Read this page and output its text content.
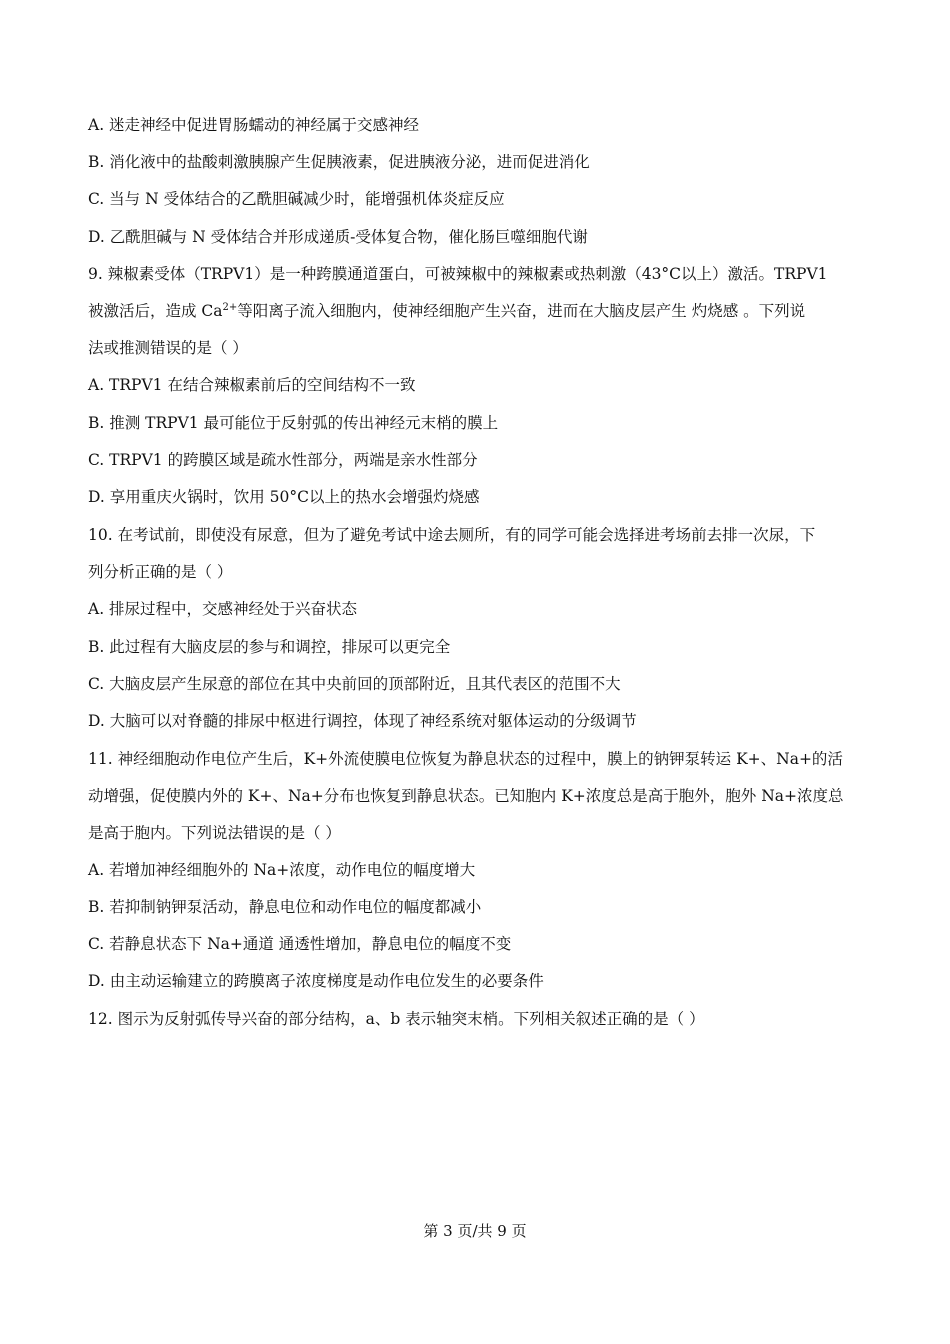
A. 迷走神经中促进胃肠蠕动的神经属于交感神经
B. 消化液中的盐酸刺激胰腺产生促胰液素，促进胰液分泌，进而促进消化
C. 当与 N 受体结合的乙酰胆碱减少时，能增强机体炎症反应
D. 乙酰胆碱与 N 受体结合并形成递质-受体复合物，催化肠巨噬细胞代谢
9. 辣椒素受体（TRPV1）是一种跨膜通道蛋白，可被辣椒中的辣椒素或热刺激（43°C以上）激活。TRPV1
被激活后，造成 $Ca^{2+}$等阳离子流入细胞内，使神经细胞产生兴奋，进而在大脑皮层产生 灼烧感 。下列说
法或推测错误的是（ ）
A. TRPV1 在结合辣椒素前后的空间结构不一致
B. 推测 TRPV1 最可能位于反射弧的传出神经元末梢的膜上
C. TRPV1 的跨膜区域是疏水性部分，两端是亲水性部分
D. 享用重庆火锅时，饮用 50°C以上的热水会增强灼烧感
10. 在考试前，即使没有尿意，但为了避免考试中途去厕所，有的同学可能会选择进考场前去排一次尿，下
列分析正确的是（ ）
A. 排尿过程中，交感神经处于兴奋状态
B. 此过程有大脑皮层的参与和调控，排尿可以更完全
C. 大脑皮层产生尿意的部位在其中央前回的顶部附近，且其代表区的范围不大
D. 大脑可以对脊髓的排尿中枢进行调控，体现了神经系统对躯体运动的分级调节
11. 神经细胞动作电位产生后，K+外流使膜电位恢复为静息状态的过程中，膜上的钠钾泵转运 K+、Na+的活
动增强，促使膜内外的 K+、Na+分布也恢复到静息状态。已知胞内 K+浓度总是高于胞外，胞外 Na+浓度总
是高于胞内。下列说法错误的是（ ）
A. 若增加神经细胞外的 Na+浓度，动作电位的幅度增大
B. 若抑制钠钾泵活动，静息电位和动作电位的幅度都减小
C. 若静息状态下 Na+通道 通透性增加，静息电位的幅度不变
D. 由主动运输建立的跨膜离子浓度梯度是动作电位发生的必要条件
12. 图示为反射弧传导兴奋的部分结构，a、b 表示轴突末梢。下列相关叙述正确的是（ ）
第 3 页/共 9 页
